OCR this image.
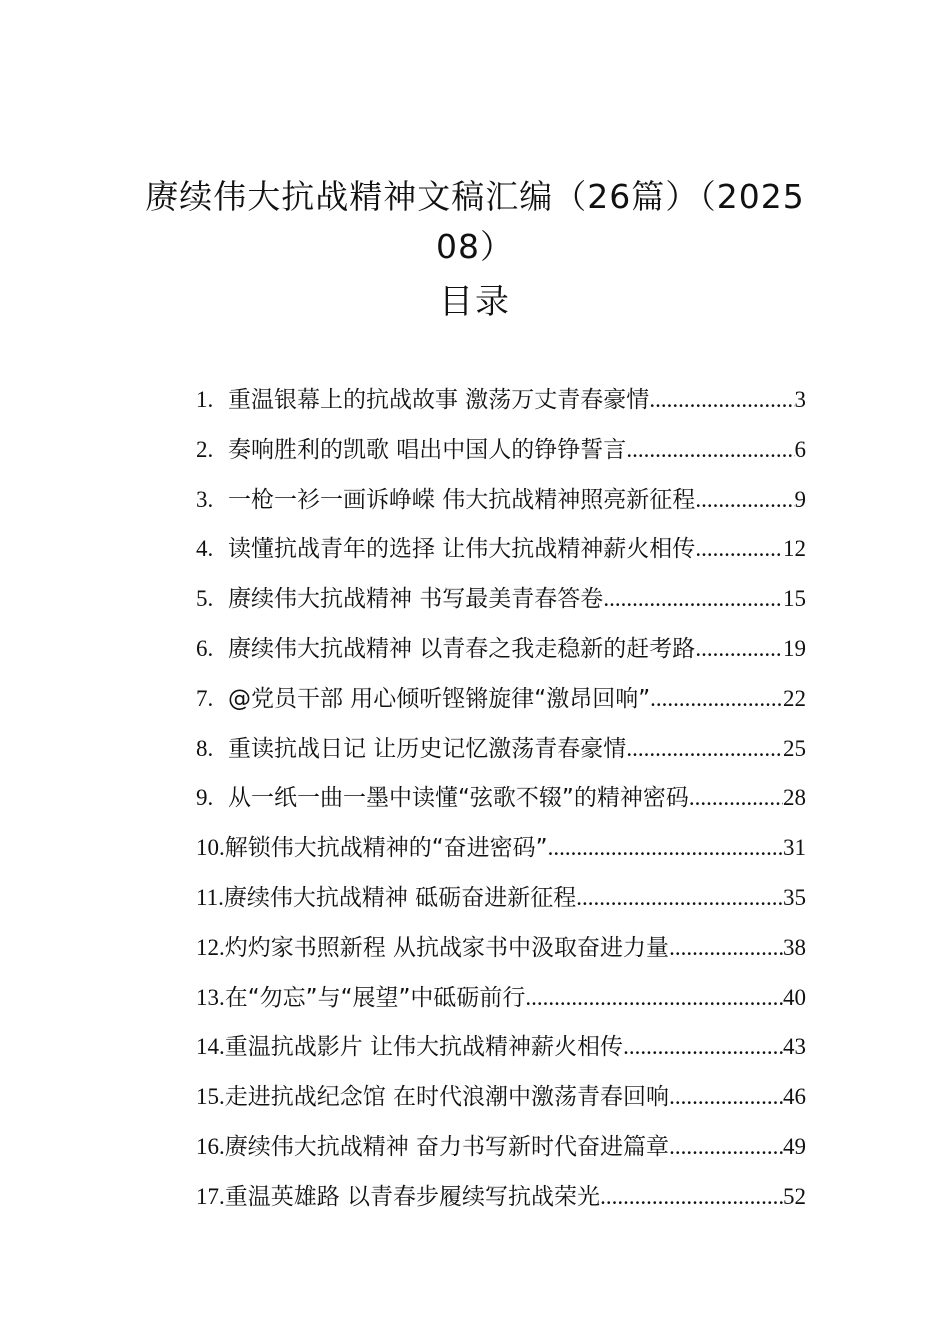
赓续伟大抗战精神文稿汇编（26篇）（202508）
目录
1. 重温银幕上的抗战故事 激荡万丈青春豪情 .....	3
2. 奏响胜利的凯歌 唱出中国人的铮铮誓言 .....	6
3. 一枪一衫一画诉峥嵘 伟大抗战精神照亮新征程 .....	9
4. 读懂抗战青年的选择 让伟大抗战精神薪火相传 .....	12
5. 赓续伟大抗战精神 书写最美青春答卷 .....	15
6. 赓续伟大抗战精神 以青春之我走稳新的赶考路 .....	19
7. @党员干部 用心倾听铿锵旋律“激昂回响” .....	22
8. 重读抗战日记 让历史记忆激荡青春豪情 .....	25
9. 从一纸一曲一墨中读懂“弦歌不辍”的精神密码 .....	28
10. 解锁伟大抗战精神的“奋进密码” .....	31
11. 赓续伟大抗战精神 砥砺奋进新征程 .....	35
12. 灼灼家书照新程 从抗战家书中汲取奋进力量 .....	38
13. 在“勿忘”与“展望”中砥砺前行 .....	40
14. 重温抗战影片 让伟大抗战精神薪火相传 .....	43
15. 走进抗战纪念馆 在时代浪潮中激荡青春回响 .....	46
16. 赓续伟大抗战精神 奋力书写新时代奋进篇章 .....	49
17. 重温英雄路 以青春步履续写抗战荣光 .....	52
